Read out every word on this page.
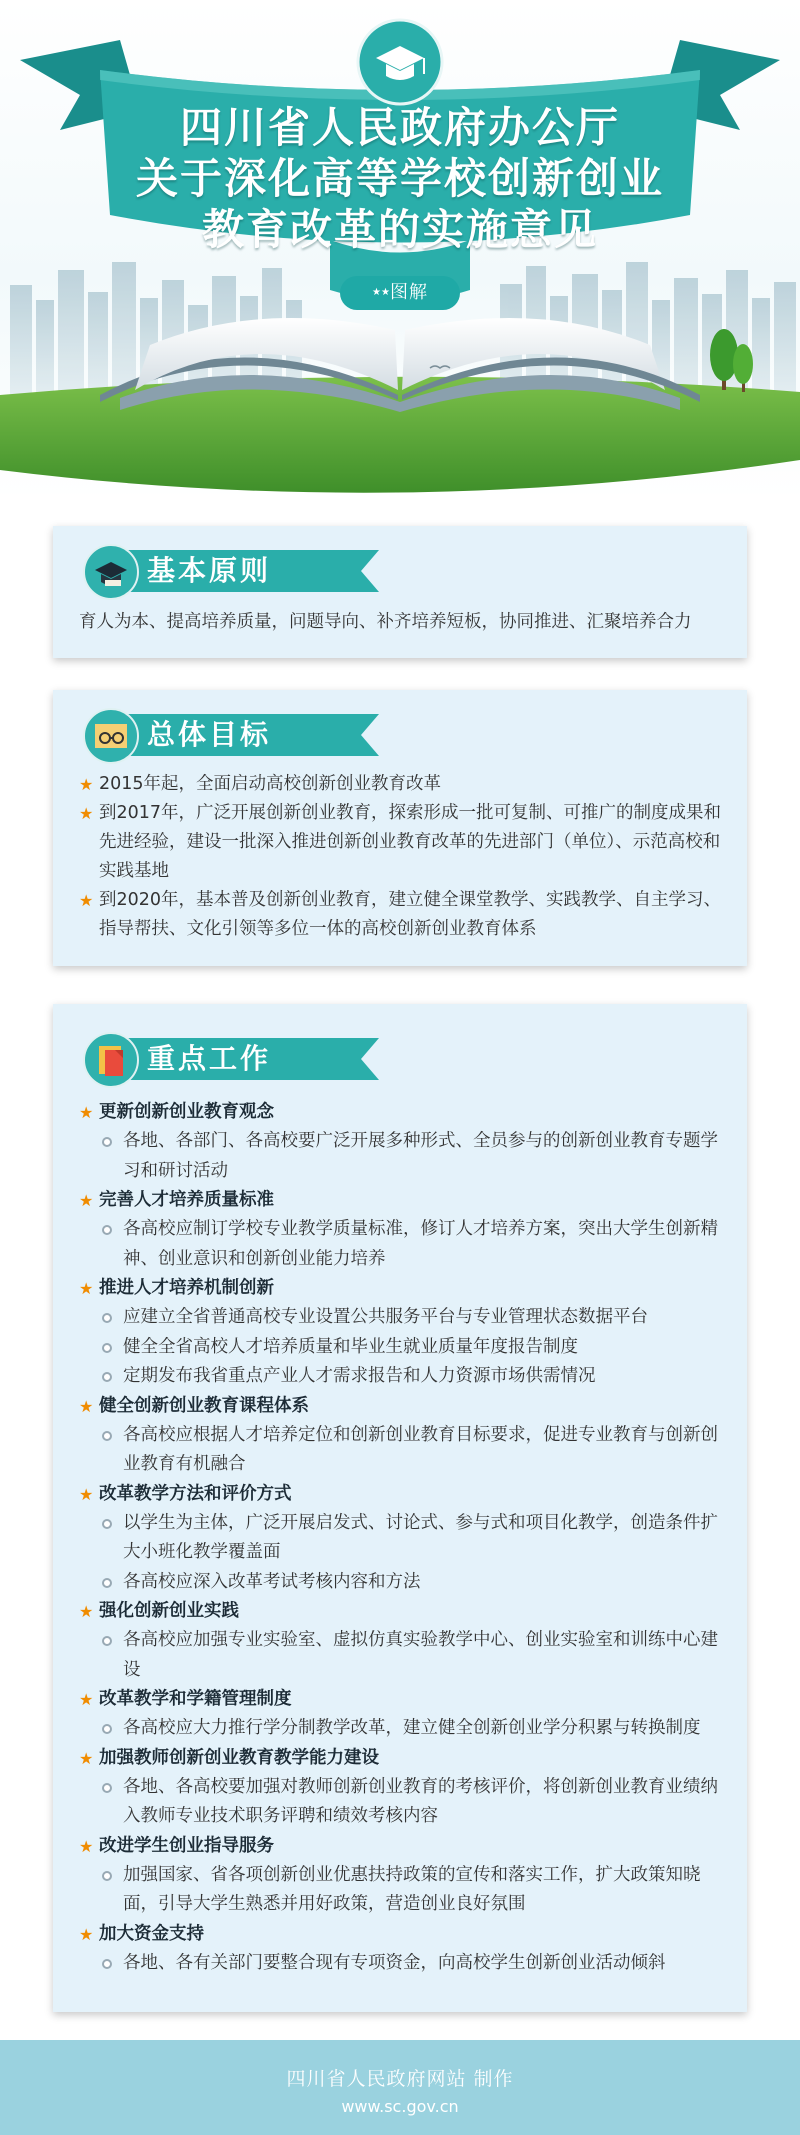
四川省人民政府办公厅
关于深化高等学校创新创业
教育改革的实施意见
★★图解
基本原则
育人为本、提高培养质量，问题导向、补齐培养短板，协同推进、汇聚培养合力
总体目标
★ 2015年起，全面启动高校创新创业教育改革
★ 到2017年，广泛开展创新创业教育，探索形成一批可复制、可推广的制度成果和先进经验，建设一批深入推进创新创业教育改革的先进部门（单位）、示范高校和实践基地
★ 到2020年，基本普及创新创业教育，建立健全课堂教学、实践教学、自主学习、指导帮扶、文化引领等多位一体的高校创新创业教育体系
重点工作
★ 更新创新创业教育观念
各地、各部门、各高校要广泛开展多种形式、全员参与的创新创业教育专题学习和研讨活动
★ 完善人才培养质量标准
各高校应制订学校专业教学质量标准，修订人才培养方案，突出大学生创新精神、创业意识和创新创业能力培养
★ 推进人才培养机制创新
应建立全省普通高校专业设置公共服务平台与专业管理状态数据平台
健全全省高校人才培养质量和毕业生就业质量年度报告制度
定期发布我省重点产业人才需求报告和人力资源市场供需情况
★ 健全创新创业教育课程体系
各高校应根据人才培养定位和创新创业教育目标要求，促进专业教育与创新创业教育有机融合
★ 改革教学方法和评价方式
以学生为主体，广泛开展启发式、讨论式、参与式和项目化教学，创造条件扩大小班化教学覆盖面
各高校应深入改革考试考核内容和方法
★ 强化创新创业实践
各高校应加强专业实验室、虚拟仿真实验教学中心、创业实验室和训练中心建设
★ 改革教学和学籍管理制度
各高校应大力推行学分制教学改革，建立健全创新创业学分积累与转换制度
★ 加强教师创新创业教育教学能力建设
各地、各高校要加强对教师创新创业教育的考核评价，将创新创业教育业绩纳入教师专业技术职务评聘和绩效考核内容
★ 改进学生创业指导服务
加强国家、省各项创新创业优惠扶持政策的宣传和落实工作，扩大政策知晓面，引导大学生熟悉并用好政策，营造创业良好氛围
★ 加大资金支持
各地、各有关部门要整合现有专项资金，向高校学生创新创业活动倾斜
四川省人民政府网站 制作
www.sc.gov.cn
